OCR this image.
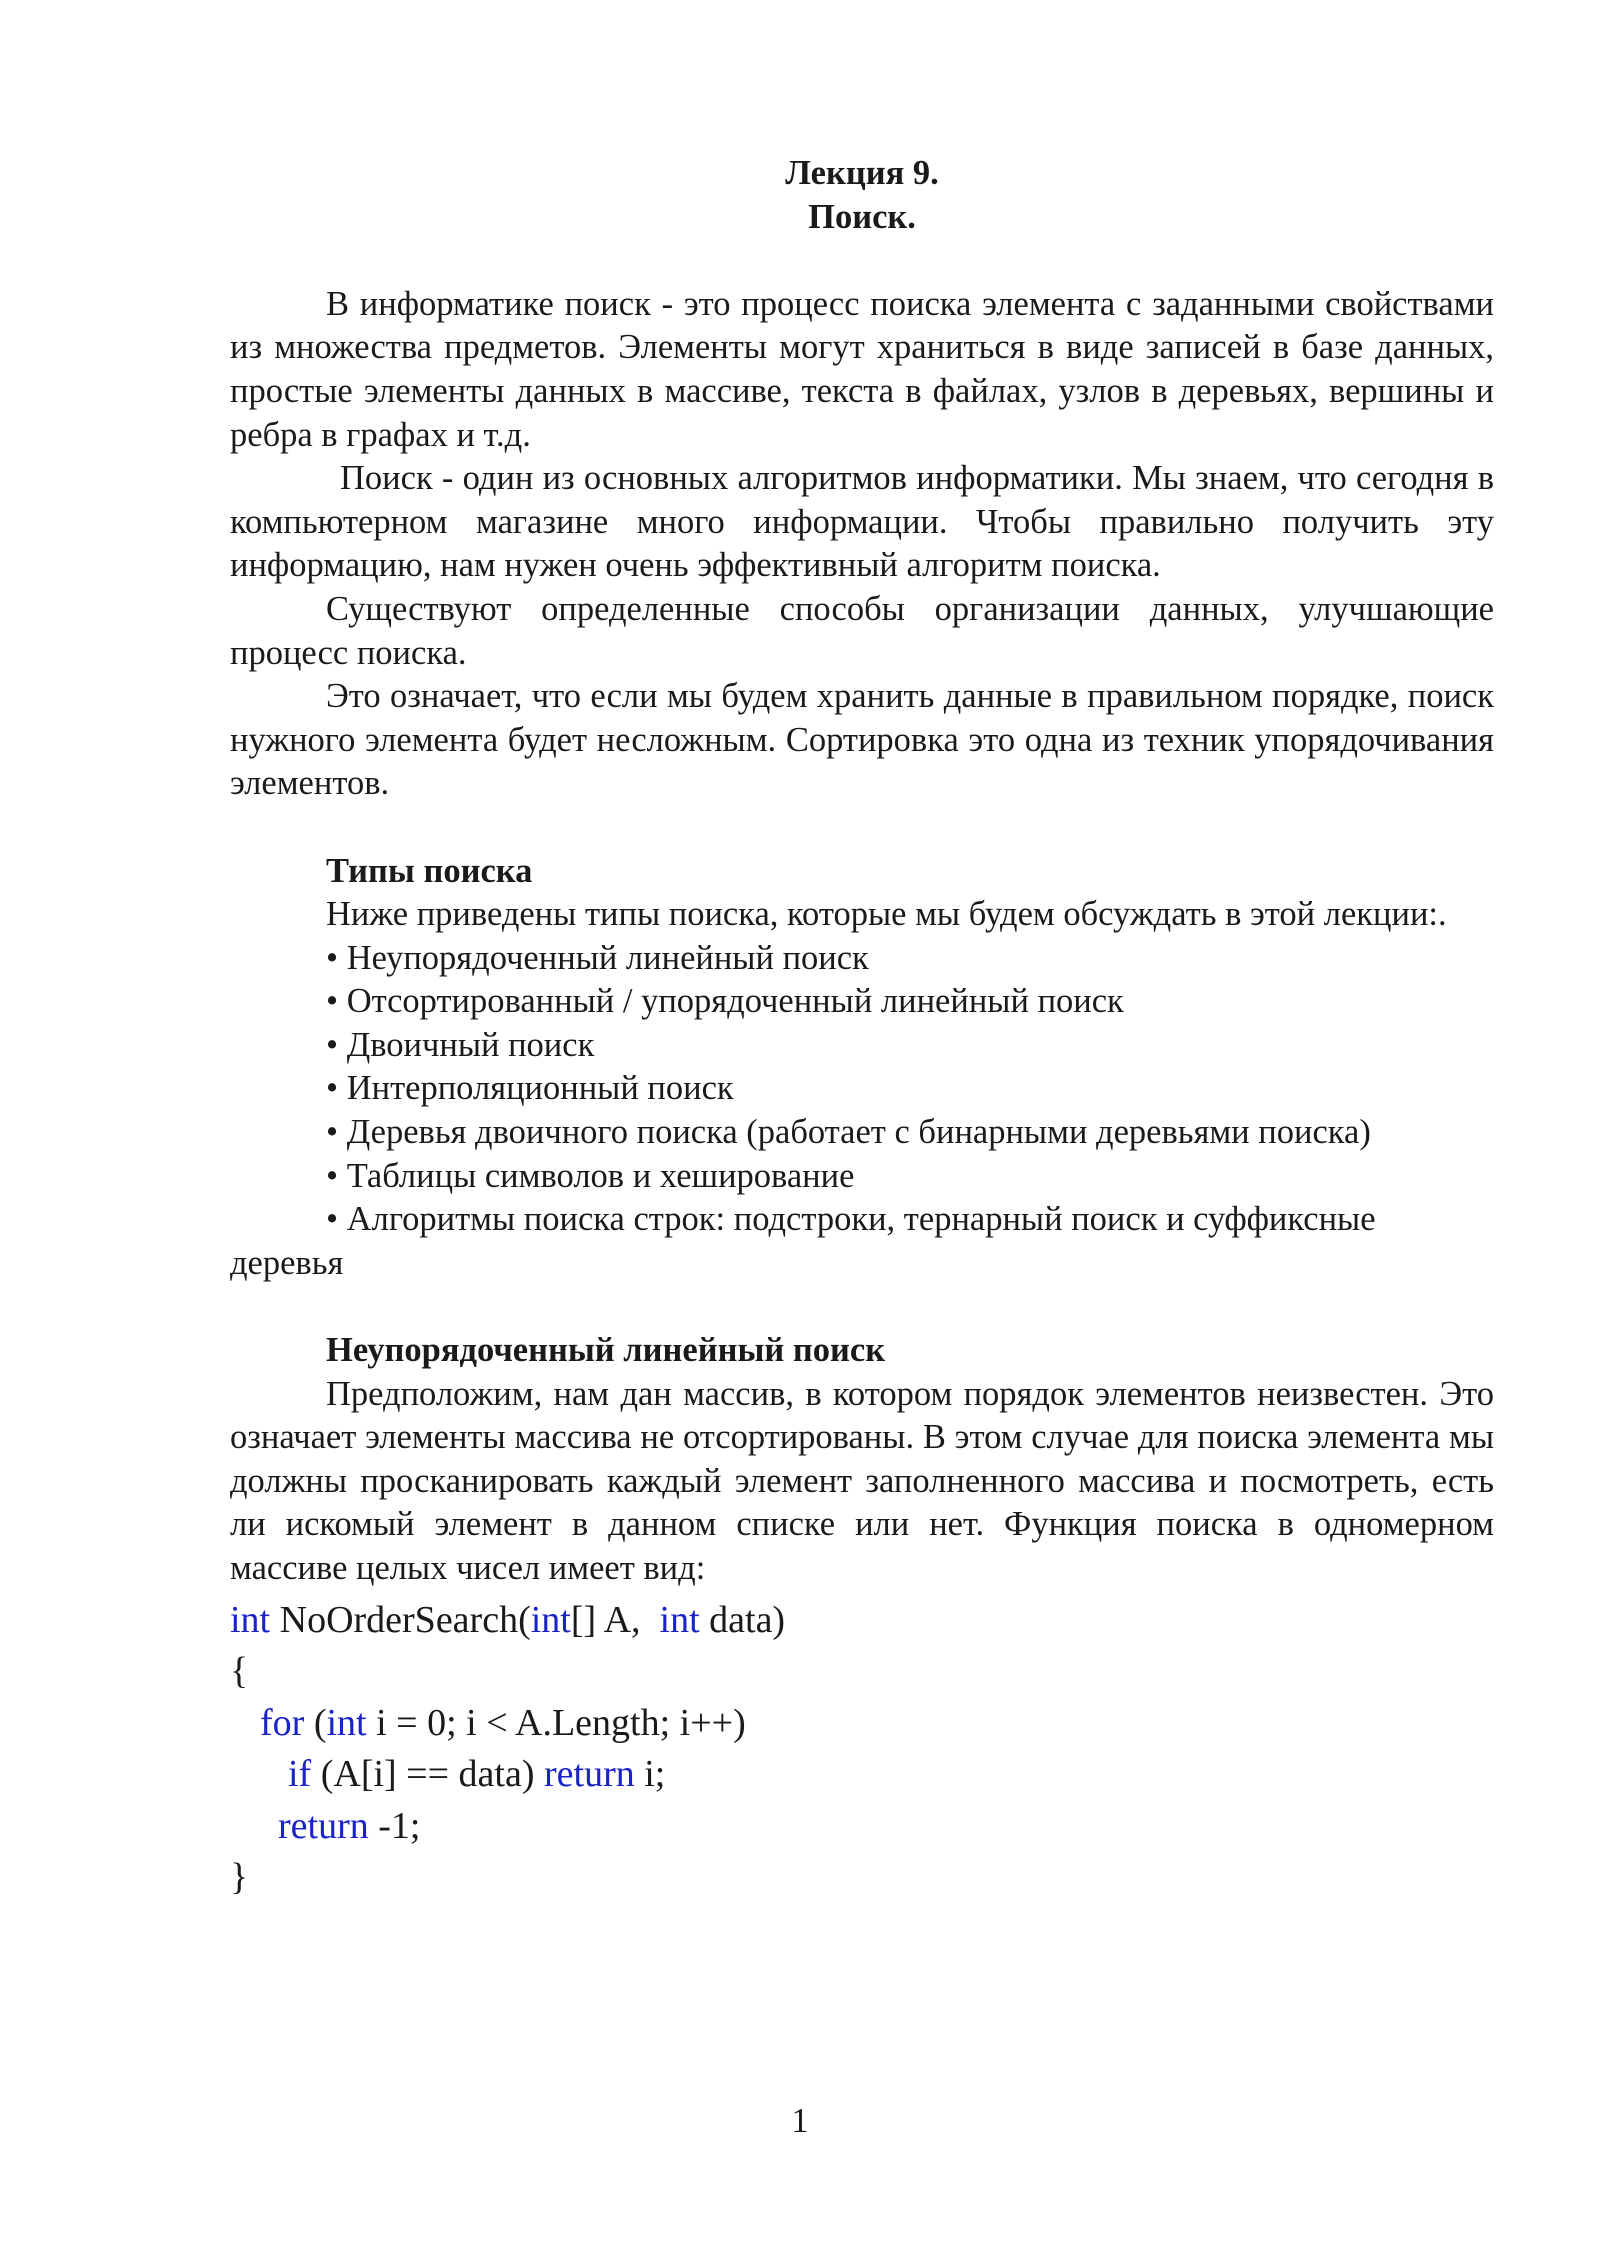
Лекция 9.
Поиск.

В информатике поиск - это процесс поиска элемента с заданными свойствами из множества предметов. Элементы могут храниться в виде записей в базе данных, простые элементы данных в массиве, текста в файлах, узлов в деревьях, вершины и ребра в графах и т.д.

Поиск - один из основных алгоритмов информатики. Мы знаем, что сегодня в компьютерном магазине много информации. Чтобы правильно получить эту информацию, нам нужен очень эффективный алгоритм поиска.

Существуют определенные способы организации данных, улучшающие процесс поиска.

Это означает, что если мы будем хранить данные в правильном порядке, поиск нужного элемента будет несложным. Сортировка это одна из техник упорядочивания элементов.

Типы поиска

Ниже приведены типы поиска, которые мы будем обсуждать в этой лекции:.

• Неупорядоченный линейный поиск
• Отсортированный / упорядоченный линейный поиск
• Двоичный поиск
• Интерполяционный поиск
• Деревья двоичного поиска (работает с бинарными деревьями поиска)
• Таблицы символов и хеширование
• Алгоритмы поиска строк: подстроки, тернарный поиск и суффиксные деревья
Неупорядоченный линейный поиск

Предположим, нам дан массив, в котором порядок элементов неизвестен. Это означает элементы массива не отсортированы. В этом случае для поиска элемента мы должны просканировать каждый элемент заполненного массива и посмотреть, есть ли искомый элемент в данном списке или нет. Функция поиска в одномерном массиве целых чисел имеет вид:

int NoOrderSearch(int[] A,  int data)
{
for (int i = 0; i < A.Length; i++)
if (A[i] == data) return i;
return -1;
}
1
